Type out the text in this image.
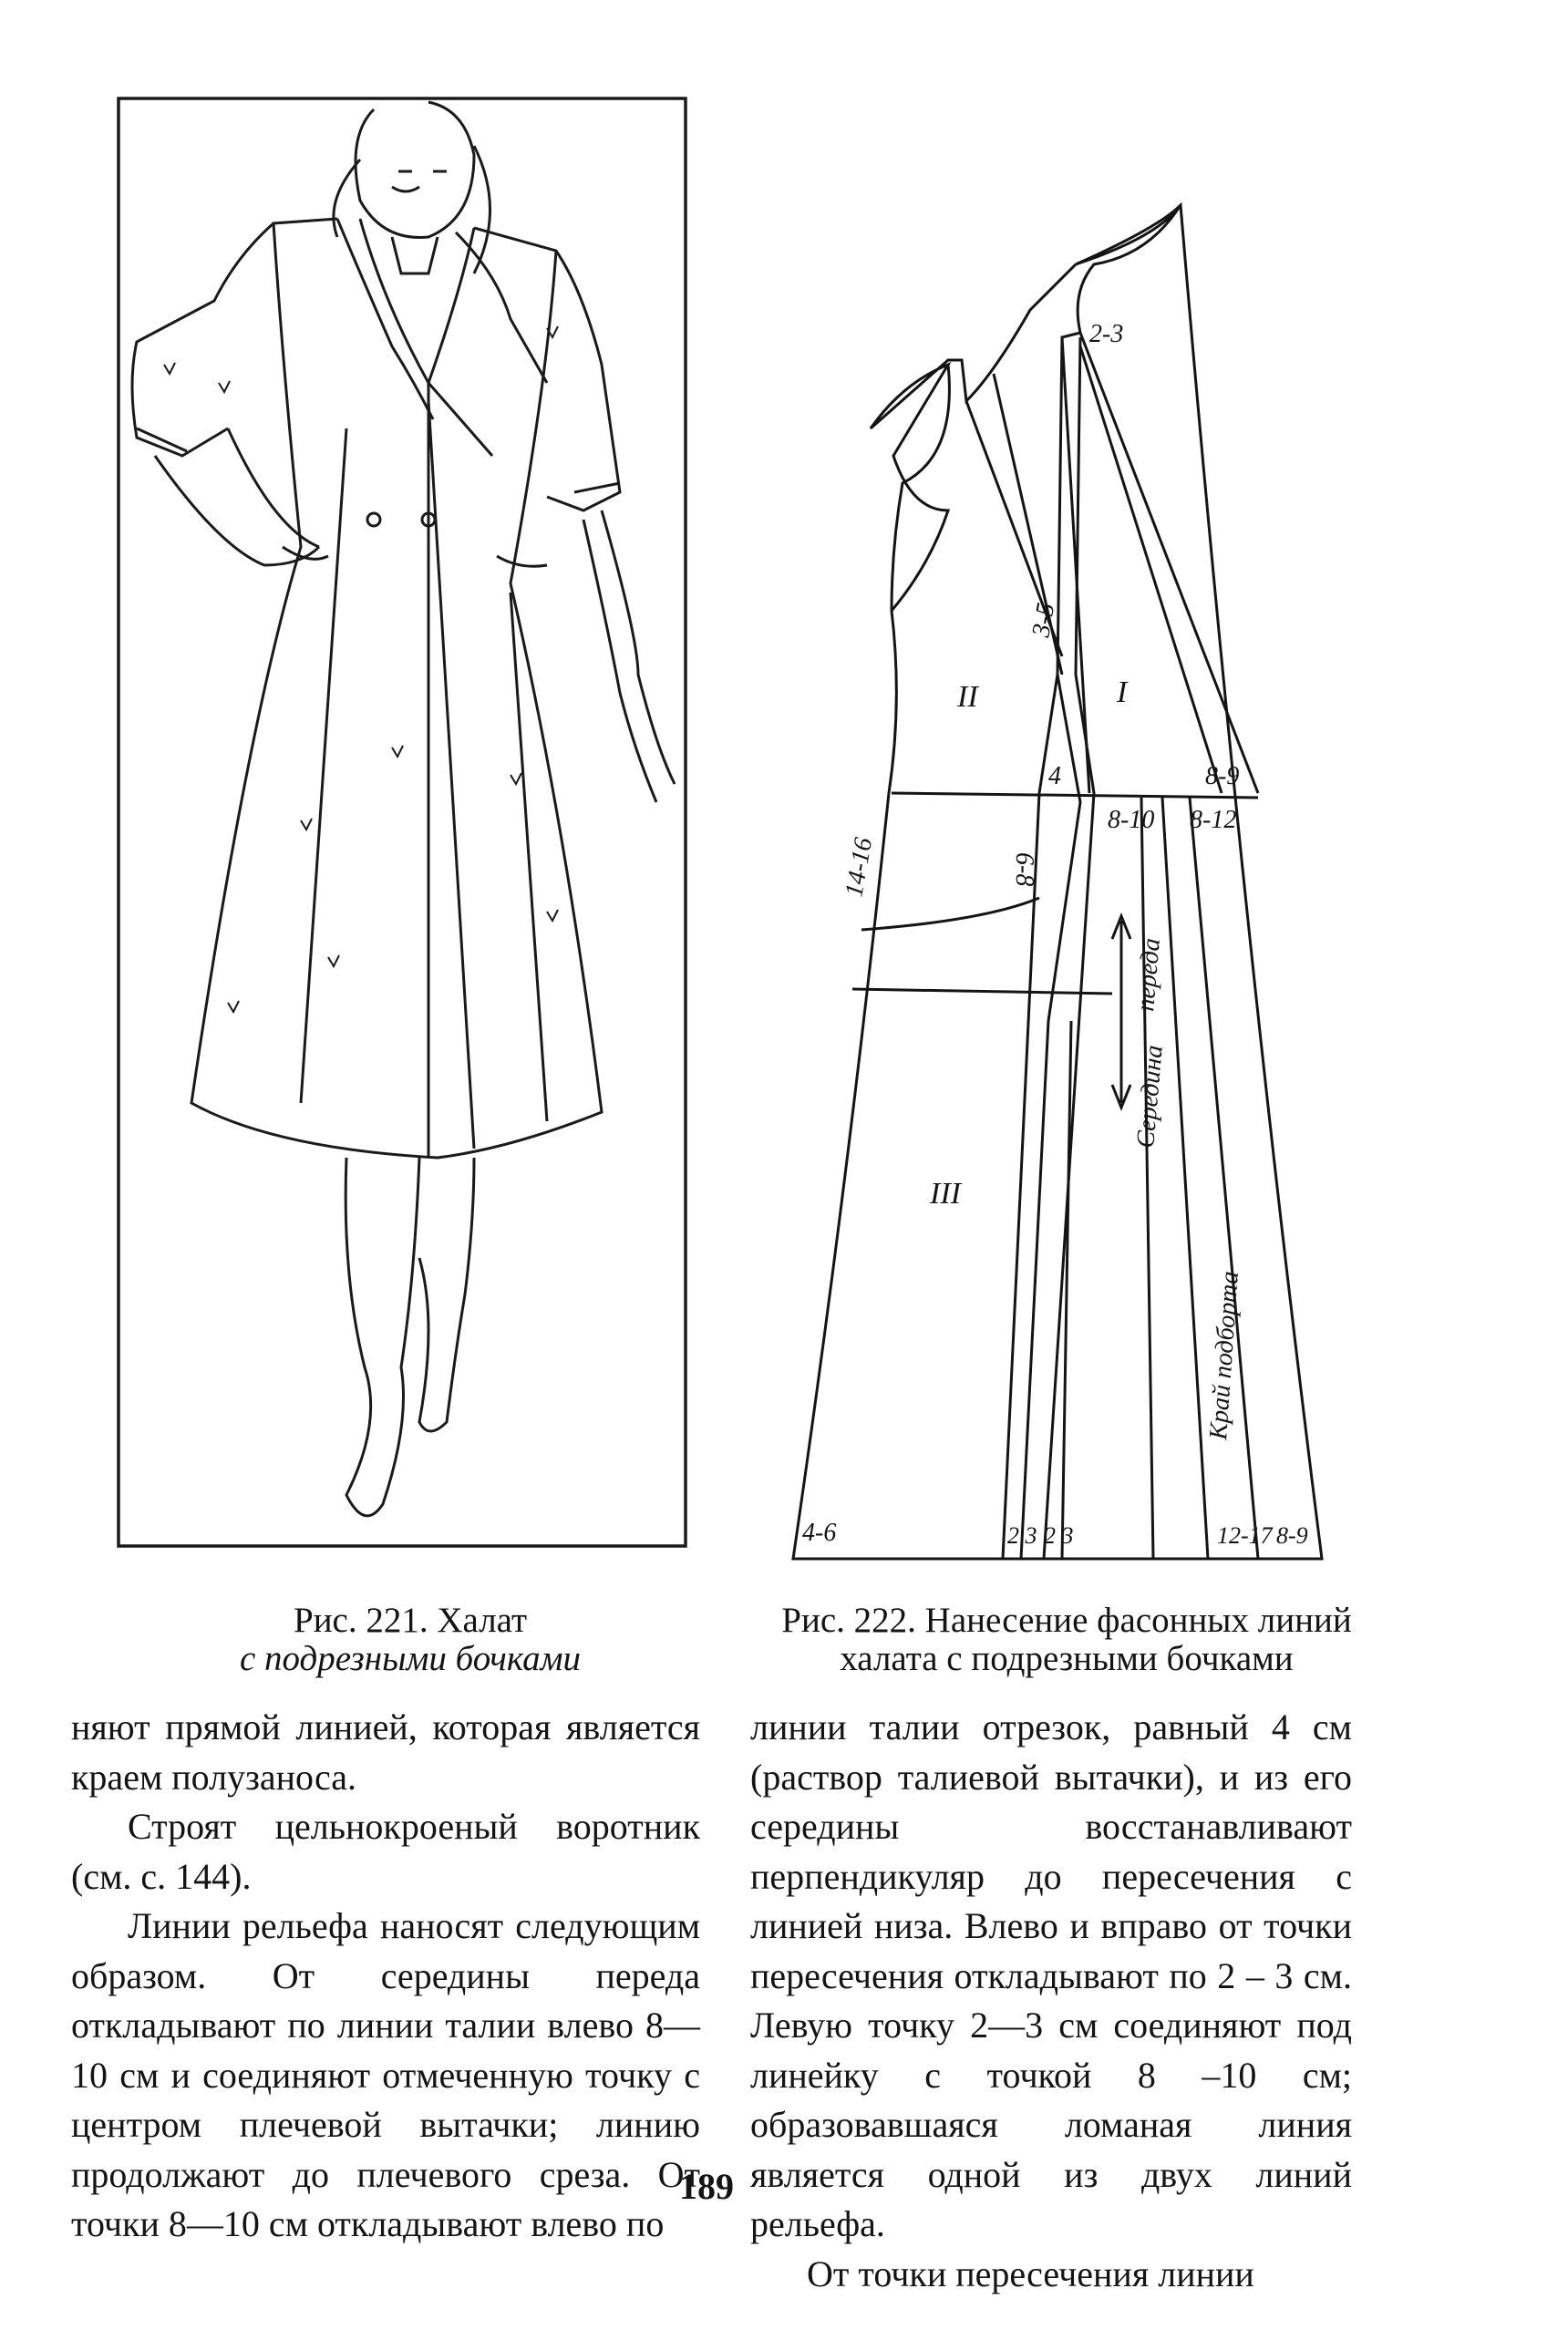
Рис. 221. Халат
с подрезными бочками
2-3
3-5
4
I
II
III
14-16	6-8
8-10 8-12
8-9
Середина
переда
Край подборта
4-6	2 3 2 3	12-17 8-9
Рис. 222. Нанесение фасонных линий
халата с подрезными бочками

няют прямой линией, которая является краем полузаноса.

Строят цельнокроеный воротник (см. с. 144).

Линии рельефа наносят следующим образом. От середины переда откладывают по линии талии влево 8—10 см и соединяют отмеченную точку с центром плечевой вытачки; линию продолжают до плечевого среза. От точки 8—10 см откладывают влево по

линии талии отрезок, равный 4 см (раствор талиевой вытачки), и из его середины восстанавливают перпендикуляр до пересечения с линией низа. Влево и вправо от точки пересечения откладывают по 2 – 3 см. Левую точку 2—3 см соединяют под линейку с точкой 8 –10 см; образовавшаяся ломаная линия является одной из двух линий рельефа.

От точки пересечения линии

189
